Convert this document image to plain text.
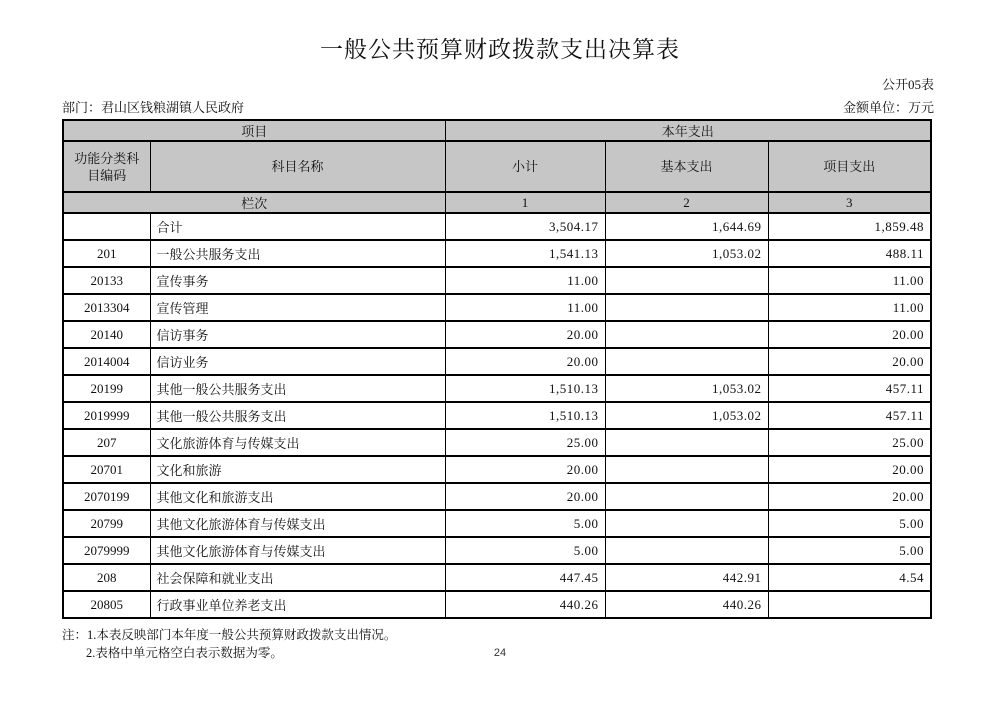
一般公共预算财政拨款支出决算表
公开05表
部门：君山区钱粮湖镇人民政府	金额单位：万元
项目		本年支出		
功能分类科目编码	科目名称	小计	基本支出	项目支出
栏次		1	2	3
	合计	3,504.17	1,644.69	1,859.48
201	一般公共服务支出	1,541.13	1,053.02	488.11
20133	宣传事务	11.00		11.00
2013304	宣传管理	11.00		11.00
20140	信访事务	20.00		20.00
2014004	信访业务	20.00		20.00
20199	其他一般公共服务支出	1,510.13	1,053.02	457.11
2019999	其他一般公共服务支出	1,510.13	1,053.02	457.11
207	文化旅游体育与传媒支出	25.00		25.00
20701	文化和旅游	20.00		20.00
2070199	其他文化和旅游支出	20.00		20.00
20799	其他文化旅游体育与传媒支出	5.00		5.00
2079999	其他文化旅游体育与传媒支出	5.00		5.00
208	社会保障和就业支出	447.45	442.91	4.54
20805	行政事业单位养老支出	440.26	440.26	
注：1.本表反映部门本年度一般公共预算财政拨款支出情况。
2.表格中单元格空白表示数据为零。	24
